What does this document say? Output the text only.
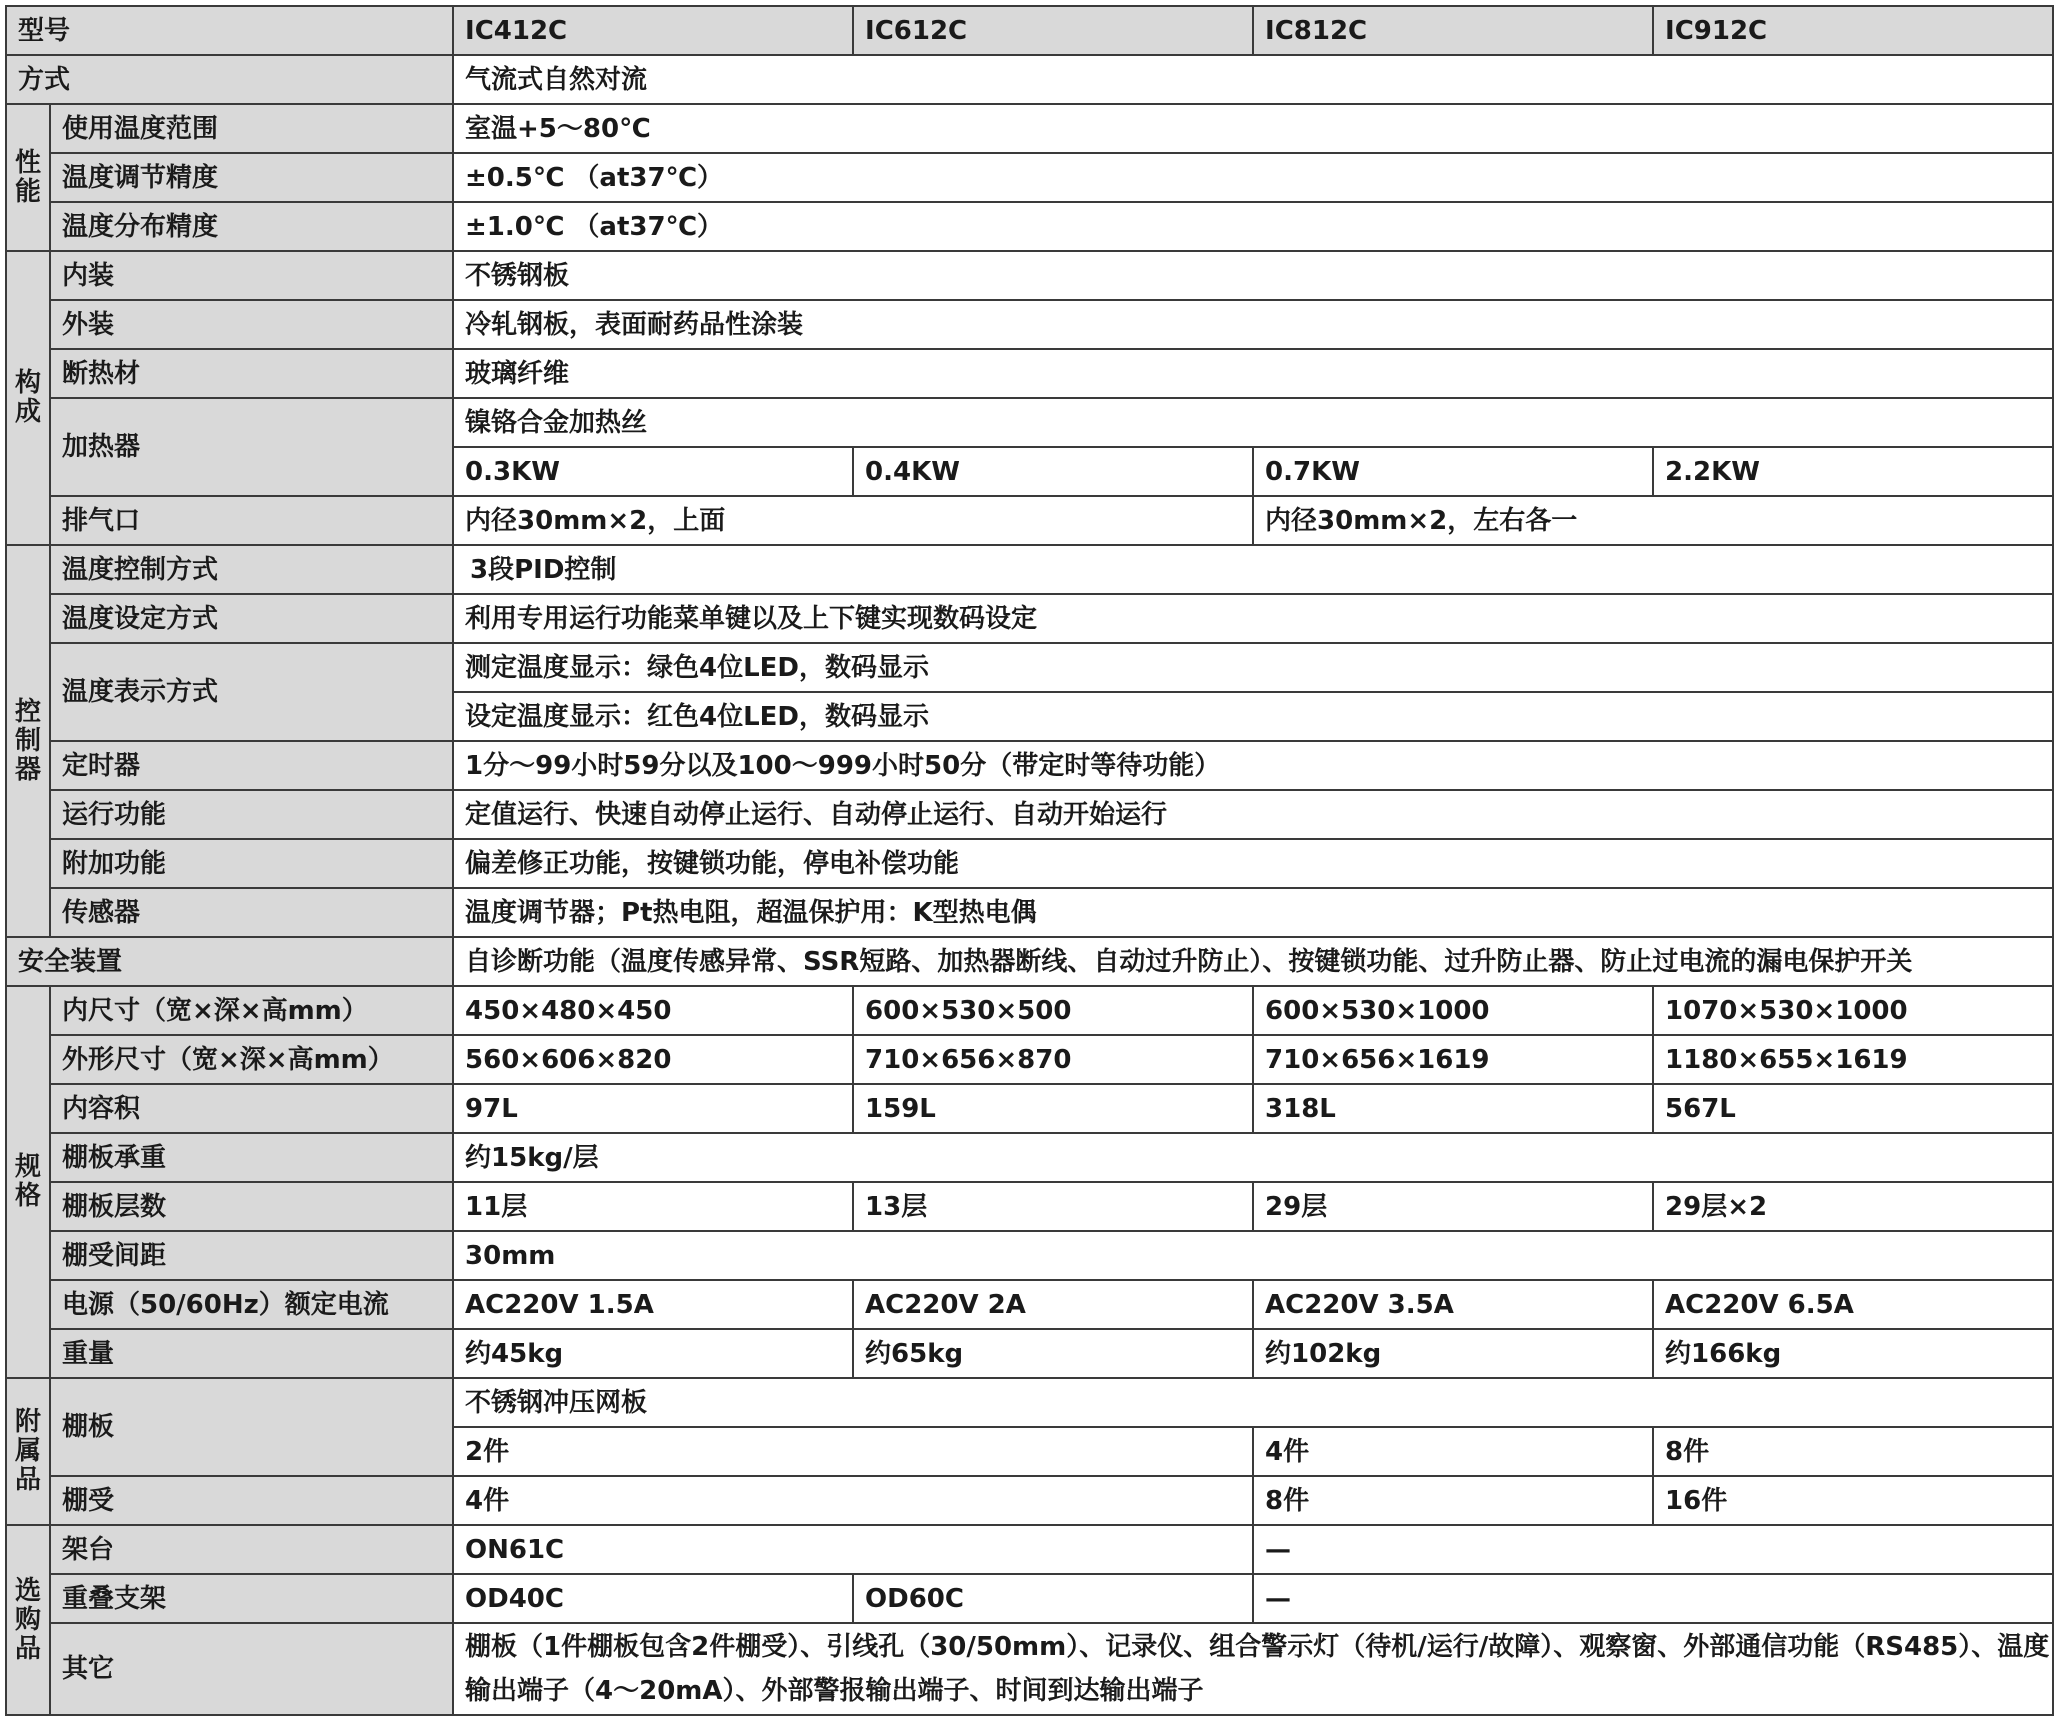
型号		IC412C	IC612C	IC812C	IC912C
方式		气流式自然对流			
性能	使用温度范围	室温+5～80℃			
	温度调节精度	±0.5℃ （at37℃）			
	温度分布精度	±1.0℃ （at37℃）			
构成	内装	不锈钢板			
	外装	冷轧钢板，表面耐药品性涂装			
	断热材	玻璃纤维			
	加热器	镍铬合金加热丝			
		0.3KW	0.4KW	0.7KW	2.2KW
	排气口	内径30mm×2，上面		内径30mm×2，左右各一	
控制器	温度控制方式	3段PID控制			
	温度设定方式	利用专用运行功能菜单键以及上下键实现数码设定			
	温度表示方式	测定温度显示：绿色4位LED，数码显示			
		设定温度显示：红色4位LED，数码显示			
	定时器	1分～99小时59分以及100～999小时50分（带定时等待功能）			
	运行功能	定值运行、快速自动停止运行、自动停止运行、自动开始运行			
	附加功能	偏差修正功能，按键锁功能，停电补偿功能			
	传感器	温度调节器；Pt热电阻，超温保护用：K型热电偶			
安全装置		自诊断功能（温度传感异常、SSR短路、加热器断线、自动过升防止）、按键锁功能、过升防止器、防止过电流的漏电保护开关			
规格	内尺寸（宽×深×高mm）	450×480×450	600×530×500	600×530×1000	1070×530×1000
	外形尺寸（宽×深×高mm）	560×606×820	710×656×870	710×656×1619	1180×655×1619
	内容积	97L	159L	318L	567L
	棚板承重	约15kg/层			
	棚板层数	11层	13层	29层	29层×2
	棚受间距	30mm			
	电源（50/60Hz）额定电流	AC220V 1.5A	AC220V 2A	AC220V 3.5A	AC220V 6.5A
	重量	约45kg	约65kg	约102kg	约166kg
附属品	棚板	不锈钢冲压网板			
		2件		4件	8件
	棚受	4件		8件	16件
选购品	架台	ON61C		—	
	重叠支架	OD40C	OD60C	—	
	其它	棚板（1件棚板包含2件棚受）、引线孔（30/50mm）、记录仪、组合警示灯（待机/运行/故障）、观察窗、外部通信功能（RS485）、温度输出端子（4～20mA）、外部警报输出端子、时间到达输出端子			
